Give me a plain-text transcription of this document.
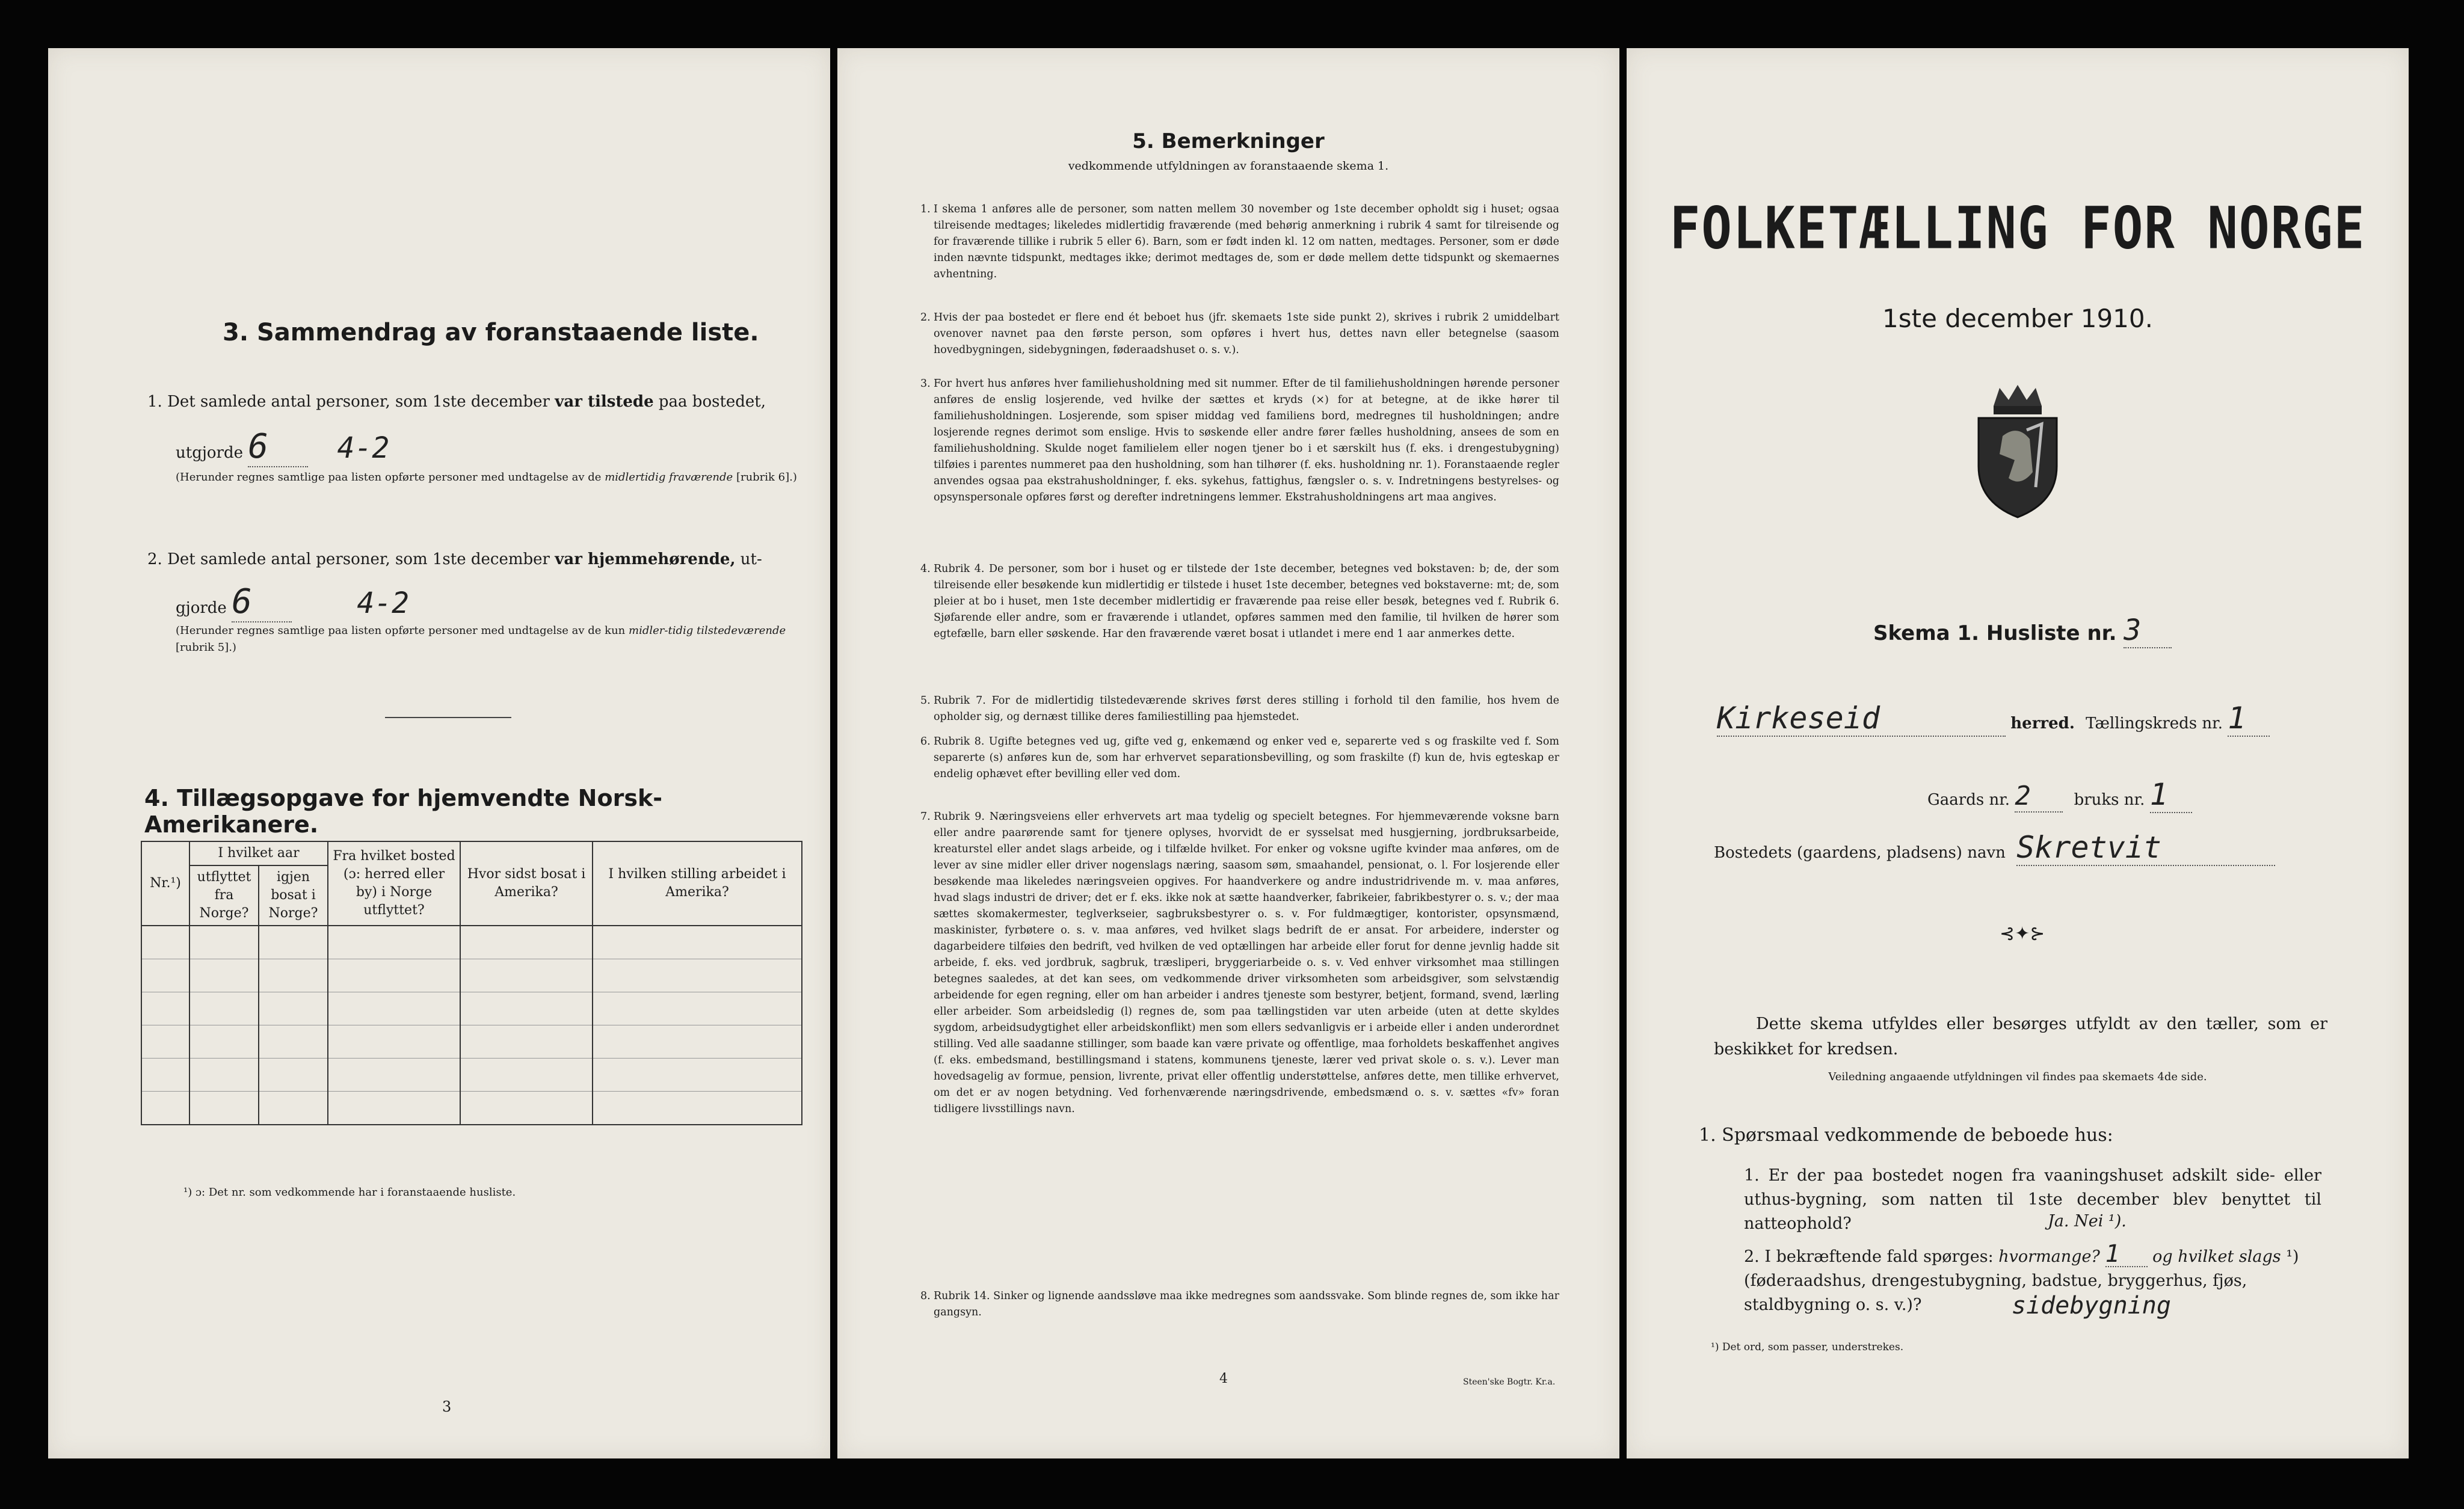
3. Sammendrag av foranstaaende liste.

1. Det samlede antal personer, som 1ste december var tilstede paa bostedet,
utgjorde 6 4-2
(Herunder regnes samtlige paa listen opførte personer med undtagelse av de midlertidig fraværende [rubrik 6].)
2. Det samlede antal personer, som 1ste december var hjemmehørende, ut-
gjorde 6	4-2
(Herunder regnes samtlige paa listen opførte personer med undtagelse av de kun midler-tidig tilstedeværende [rubrik 5].)

4. Tillægsopgave for hjemvendte Norsk-Amerikanere.

Nr.¹)	I hvilket aar		Fra hvilket bosted (ɔ: herred eller by) i Norge utflyttet?	Hvor sidst bosat i Amerika?	I hvilken stilling arbeidet i Amerika?
	utflyttet fra Norge?	igjen bosat i Norge?			

¹) ɔ: Det nr. som vedkommende har i foranstaaende husliste.

3

5. Bemerkninger

vedkommende utfyldningen av foranstaaende skema 1.

1. I skema 1 anføres alle de personer, som natten mellem 30 november og 1ste december opholdt sig i huset; ogsaa tilreisende medtages; likeledes midlertidig fraværende (med behørig anmerkning i rubrik 4 samt for tilreisende og for fraværende tillike i rubrik 5 eller 6). Barn, som er født inden kl. 12 om natten, medtages. Personer, som er døde inden nævnte tidspunkt, medtages ikke; derimot medtages de, som er døde mellem dette tidspunkt og skemaernes avhentning.
2. Hvis der paa bostedet er flere end ét beboet hus (jfr. skemaets 1ste side punkt 2), skrives i rubrik 2 umiddelbart ovenover navnet paa den første person, som opføres i hvert hus, dettes navn eller betegnelse (saasom hovedbygningen, sidebygningen, føderaadshuset o. s. v.).
3. For hvert hus anføres hver familiehusholdning med sit nummer. Efter de til familiehusholdningen hørende personer anføres de enslig losjerende, ved hvilke der sættes et kryds (×) for at betegne, at de ikke hører til familiehusholdningen. Losjerende, som spiser middag ved familiens bord, medregnes til husholdningen; andre losjerende regnes derimot som enslige. Hvis to søskende eller andre fører fælles husholdning, ansees de som en familiehusholdning. Skulde noget familielem eller nogen tjener bo i et særskilt hus (f. eks. i drengestubygning) tilføies i parentes nummeret paa den husholdning, som han tilhører (f. eks. husholdning nr. 1). Foranstaaende regler anvendes ogsaa paa ekstrahusholdninger, f. eks. sykehus, fattighus, fængsler o. s. v. Indretningens bestyrelses- og opsynspersonale opføres først og derefter indretningens lemmer. Ekstrahusholdningens art maa angives.
4. Rubrik 4. De personer, som bor i huset og er tilstede der 1ste december, betegnes ved bokstaven: b; de, der som tilreisende eller besøkende kun midlertidig er tilstede i huset 1ste december, betegnes ved bokstaverne: mt; de, som pleier at bo i huset, men 1ste december midlertidig er fraværende paa reise eller besøk, betegnes ved f. Rubrik 6. Sjøfarende eller andre, som er fraværende i utlandet, opføres sammen med den familie, til hvilken de hører som egtefælle, barn eller søskende. Har den fraværende været bosat i utlandet i mere end 1 aar anmerkes dette.
5. Rubrik 7. For de midlertidig tilstedeværende skrives først deres stilling i forhold til den familie, hos hvem de opholder sig, og dernæst tillike deres familiestilling paa hjemstedet.
6. Rubrik 8. Ugifte betegnes ved ug, gifte ved g, enkemænd og enker ved e, separerte ved s og fraskilte ved f. Som separerte (s) anføres kun de, som har erhvervet separationsbevilling, og som fraskilte (f) kun de, hvis egteskap er endelig ophævet efter bevilling eller ved dom.
7. Rubrik 9. Næringsveiens eller erhvervets art maa tydelig og specielt betegnes. For hjemmeværende voksne barn eller andre paarørende samt for tjenere oplyses, hvorvidt de er sysselsat med husgjerning, jordbruksarbeide, kreaturstel eller andet slags arbeide, og i tilfælde hvilket. For enker og voksne ugifte kvinder maa anføres, om de lever av sine midler eller driver nogenslags næring, saasom søm, smaahandel, pensionat, o. l. For losjerende eller besøkende maa likeledes næringsveien opgives. For haandverkere og andre industridrivende m. v. maa anføres, hvad slags industri de driver; det er f. eks. ikke nok at sætte haandverker, fabrikeier, fabrikbestyrer o. s. v.; der maa sættes skomakermester, teglverkseier, sagbruksbestyrer o. s. v. For fuldmægtiger, kontorister, opsynsmænd, maskinister, fyrbøtere o. s. v. maa anføres, ved hvilket slags bedrift de er ansat. For arbeidere, inderster og dagarbeidere tilføies den bedrift, ved hvilken de ved optællingen har arbeide eller forut for denne jevnlig hadde sit arbeide, f. eks. ved jordbruk, sagbruk, træsliperi, bryggeriarbeide o. s. v. Ved enhver virksomhet maa stillingen betegnes saaledes, at det kan sees, om vedkommende driver virksomheten som arbeidsgiver, som selvstændig arbeidende for egen regning, eller om han arbeider i andres tjeneste som bestyrer, betjent, formand, svend, lærling eller arbeider. Som arbeidsledig (l) regnes de, som paa tællingstiden var uten arbeide (uten at dette skyldes sygdom, arbeidsudygtighet eller arbeidskonflikt) men som ellers sedvanligvis er i arbeide eller i anden underordnet stilling. Ved alle saadanne stillinger, som baade kan være private og offentlige, maa forholdets beskaffenhet angives (f. eks. embedsmand, bestillingsmand i statens, kommunens tjeneste, lærer ved privat skole o. s. v.). Lever man hovedsagelig av formue, pension, livrente, privat eller offentlig understøttelse, anføres dette, men tillike erhvervet, om det er av nogen betydning. Ved forhenværende næringsdrivende, embedsmænd o. s. v. sættes «fv» foran tidligere livsstillings navn.
8. Rubrik 14. Sinker og lignende aandssløve maa ikke medregnes som aandssvake. Som blinde regnes de, som ikke har gangsyn.

4	Steen'ske Bogtr. Kr.a.

FOLKETÆLLING FOR NORGE

1ste december 1910.

Skema 1. Husliste nr. 3
Kirkeseid	herred. Tællingskreds nr. 1
Gaards nr. 2	bruks nr. 1
Bostedets (gaardens, pladsens) navn Skretvit

⊰✦⊱

Dette skema utfyldes eller besørges utfyldt av den tæller, som er beskikket for kredsen.

Veiledning angaaende utfyldningen vil findes paa skemaets 4de side.

1. Spørsmaal vedkommende de beboede hus:

1. Er der paa bostedet nogen fra vaaningshuset adskilt side- eller uthus-bygning, som natten til 1ste december blev benyttet til natteophold?	Ja. Nei ¹).

2. I bekræftende fald spørges: hvormange? 1 og hvilket slags ¹) (føderaadshus, drengestubygning, badstue, bryggerhus, fjøs, staldbygning o. s. v.)?	sidebygning

¹) Det ord, som passer, understrekes.
